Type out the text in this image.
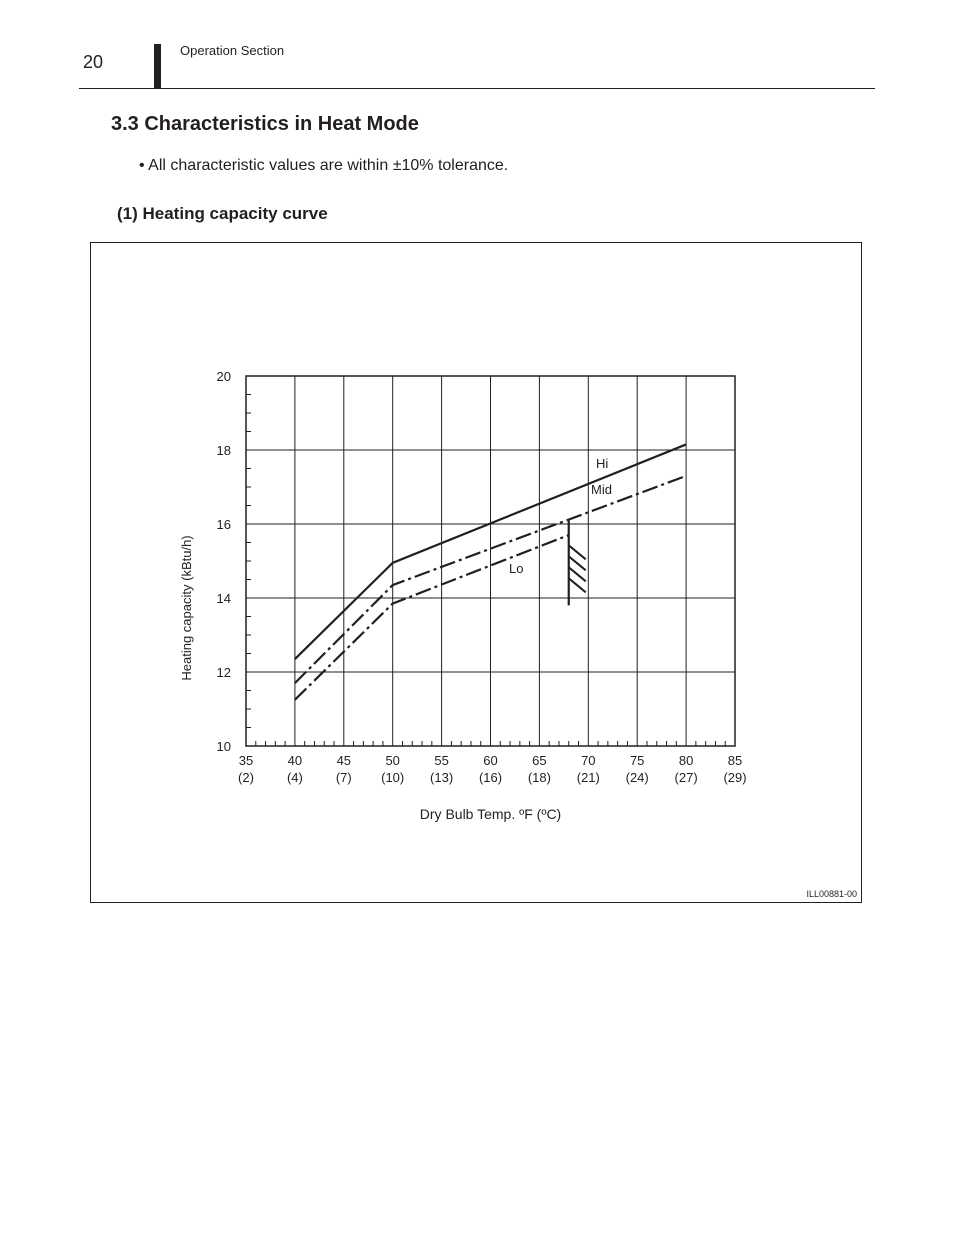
20
Operation Section
3.3 Characteristics in Heat Mode

• All characteristic values are within ±10% tolerance.

(1) Heating capacity curve
10
12
14
16
18
20
35
(2)
40
(4)
45
(7)
50
(10)
55
(13)
60
(16)
65
(18)
70
(21)
75
(24)
80
(27)
85
(29)
Dry Bulb Temp. ºF (ºC)
Heating capacity (kBtu/h)
Hi
Mid
Lo
ILL00881-00
